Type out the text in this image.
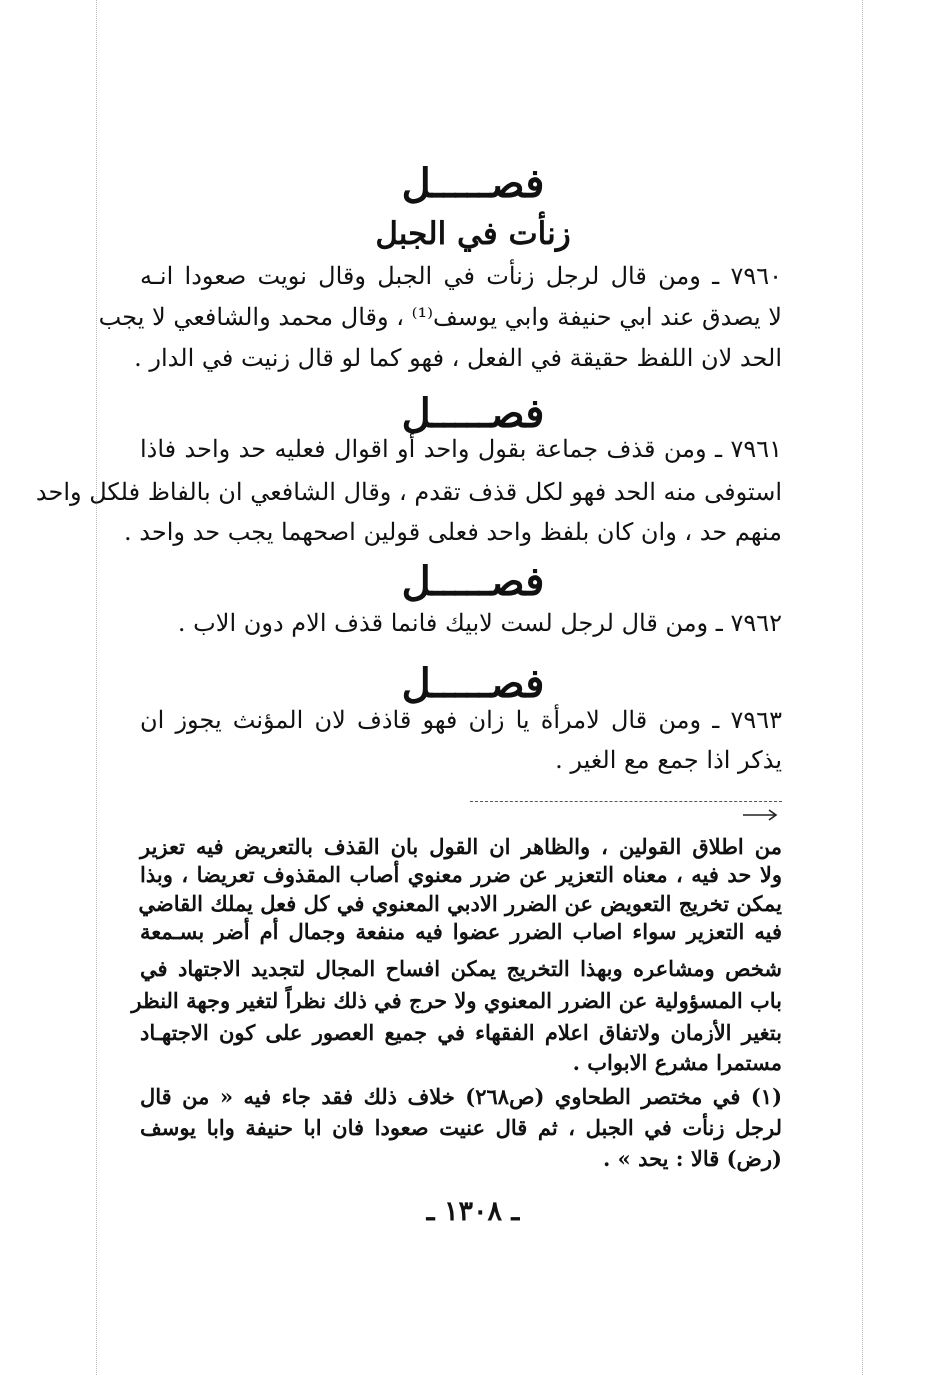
فصـــــل
زنأت في الجبل
٧٩٦٠ ـ ومن قال لرجل زنأت في الجبل وقال نويت صعودا انـه
لا يصدق عند ابي حنيفة وابي يوسف⁽¹⁾ ، وقال محمد والشافعي لا يجب
الحد لان اللفظ حقيقة في الفعل ، فهو كما لو قال زنيت في الدار .
فصـــــل
٧٩٦١ ـ ومن قذف جماعة بقول واحد أو اقوال فعليه حد واحد فاذا
استوفى منه الحد فهو لكل قذف تقدم ، وقال الشافعي ان بالفاظ فلكل واحد
منهم حد ، وان كان بلفظ واحد فعلى قولين اصحهما يجب حد واحد .
فصـــــل
٧٩٦٢ ـ ومن قال لرجل لست لابيك فانما قذف الام دون الاب .
فصـــــل
٧٩٦٣ ـ ومن قال لامرأة يا زان فهو قاذف لان المؤنث يجوز ان
يذكر اذا جمع مع الغير .
من اطلاق القولين ، والظاهر ان القول بان القذف بالتعريض فيه تعزير
ولا حد فيه ، معناه التعزير عن ضرر معنوي أصاب المقذوف تعريضا ، وبذا
يمكن تخريج التعويض عن الضرر الادبي المعنوي في كل فعل يملك القاضي
فيه التعزير سواء اصاب الضرر عضوا فيه منفعة وجمال أم أضر بسـمعة
شخص ومشاعره وبهذا التخريج يمكن افساح المجال لتجديد الاجتهاد في
باب المسؤولية عن الضرر المعنوي ولا حرج في ذلك نظراً لتغير وجهة النظر
بتغير الأزمان ولاتفاق اعلام الفقهاء في جميع العصور على كون الاجتهـاد
مستمرا مشرع الابواب .
(١) في مختصر الطحاوي (ص٢٦٨) خلاف ذلك فقد جاء فيه « من قال
لرجل زنأت في الجبل ، ثم قال عنيت صعودا فان ابا حنيفة وابا يوسف
(رض) قالا : يحد » .
ـ ١٣٠٨ ـ
